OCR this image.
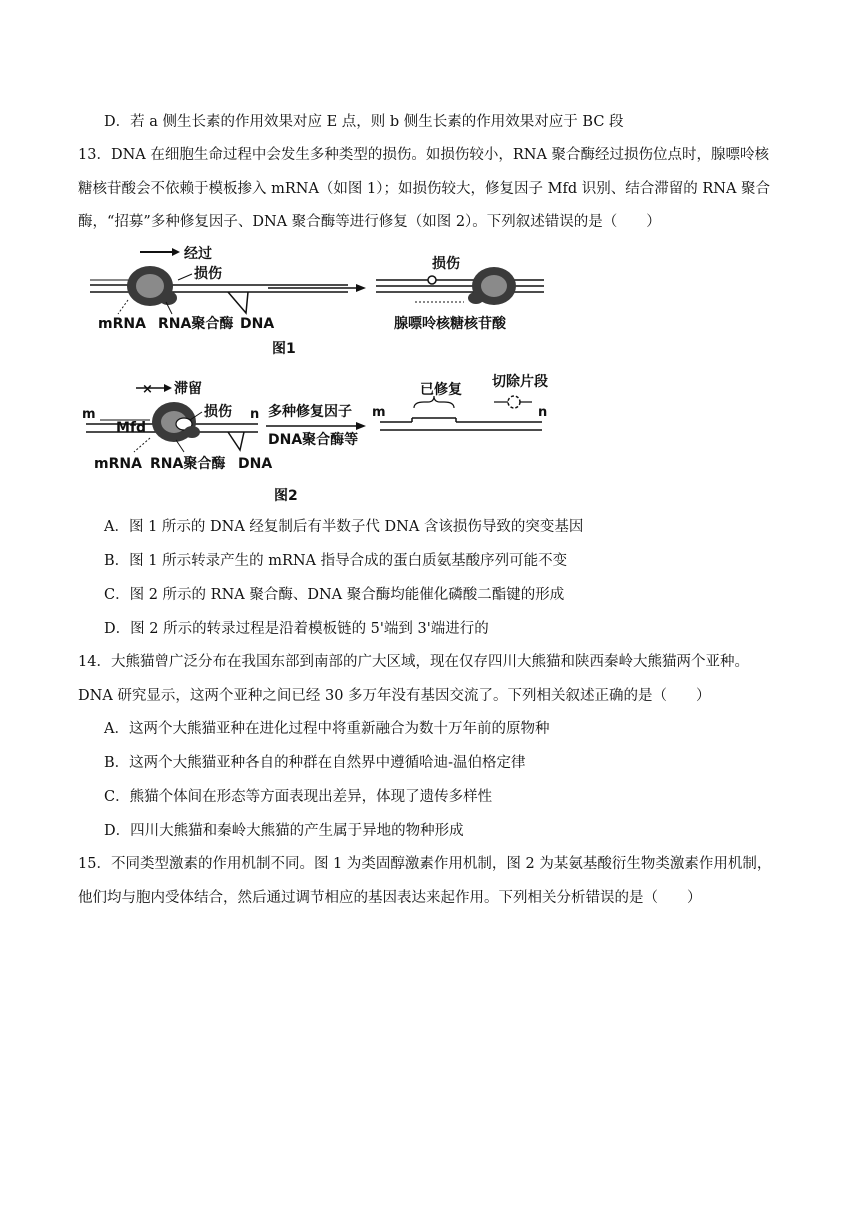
D．若 a 侧生长素的作用效果对应 E 点，则 b 侧生长素的作用效果对应于 BC 段
13．DNA 在细胞生命过程中会发生多种类型的损伤。如损伤较小，RNA 聚合酶经过损伤位点时，腺嘌呤核
糖核苷酸会不依赖于模板掺入 mRNA（如图 1）；如损伤较大，修复因子 Mfd 识别、结合滞留的 RNA 聚合
酶，“招募”多种修复因子、DNA 聚合酶等进行修复（如图 2）。下列叙述错误的是（　　）
经过
损伤
mRNA RNA聚合酶 DNA
损伤
腺嘌呤核糖核苷酸
图1
× 滞留
m	n
Mfd
损伤
mRNA RNA聚合酶 DNA
多种修复因子
DNA聚合酶等
m	n
已修复 切除片段
图2
A．图 1 所示的 DNA 经复制后有半数子代 DNA 含该损伤导致的突变基因
B．图 1 所示转录产生的 mRNA 指导合成的蛋白质氨基酸序列可能不变
C．图 2 所示的 RNA 聚合酶、DNA 聚合酶均能催化磷酸二酯键的形成
D．图 2 所示的转录过程是沿着模板链的 5'端到 3'端进行的
14．大熊猫曾广泛分布在我国东部到南部的广大区域，现在仅存四川大熊猫和陕西秦岭大熊猫两个亚种。
DNA 研究显示，这两个亚种之间已经 30 多万年没有基因交流了。下列相关叙述正确的是（　　）
A．这两个大熊猫亚种在进化过程中将重新融合为数十万年前的原物种
B．这两个大熊猫亚种各自的种群在自然界中遵循哈迪-温伯格定律
C．熊猫个体间在形态等方面表现出差异，体现了遗传多样性
D．四川大熊猫和秦岭大熊猫的产生属于异地的物种形成
15．不同类型激素的作用机制不同。图 1 为类固醇激素作用机制，图 2 为某氨基酸衍生物类激素作用机制，
他们均与胞内受体结合，然后通过调节相应的基因表达来起作用。下列相关分析错误的是（　　）
